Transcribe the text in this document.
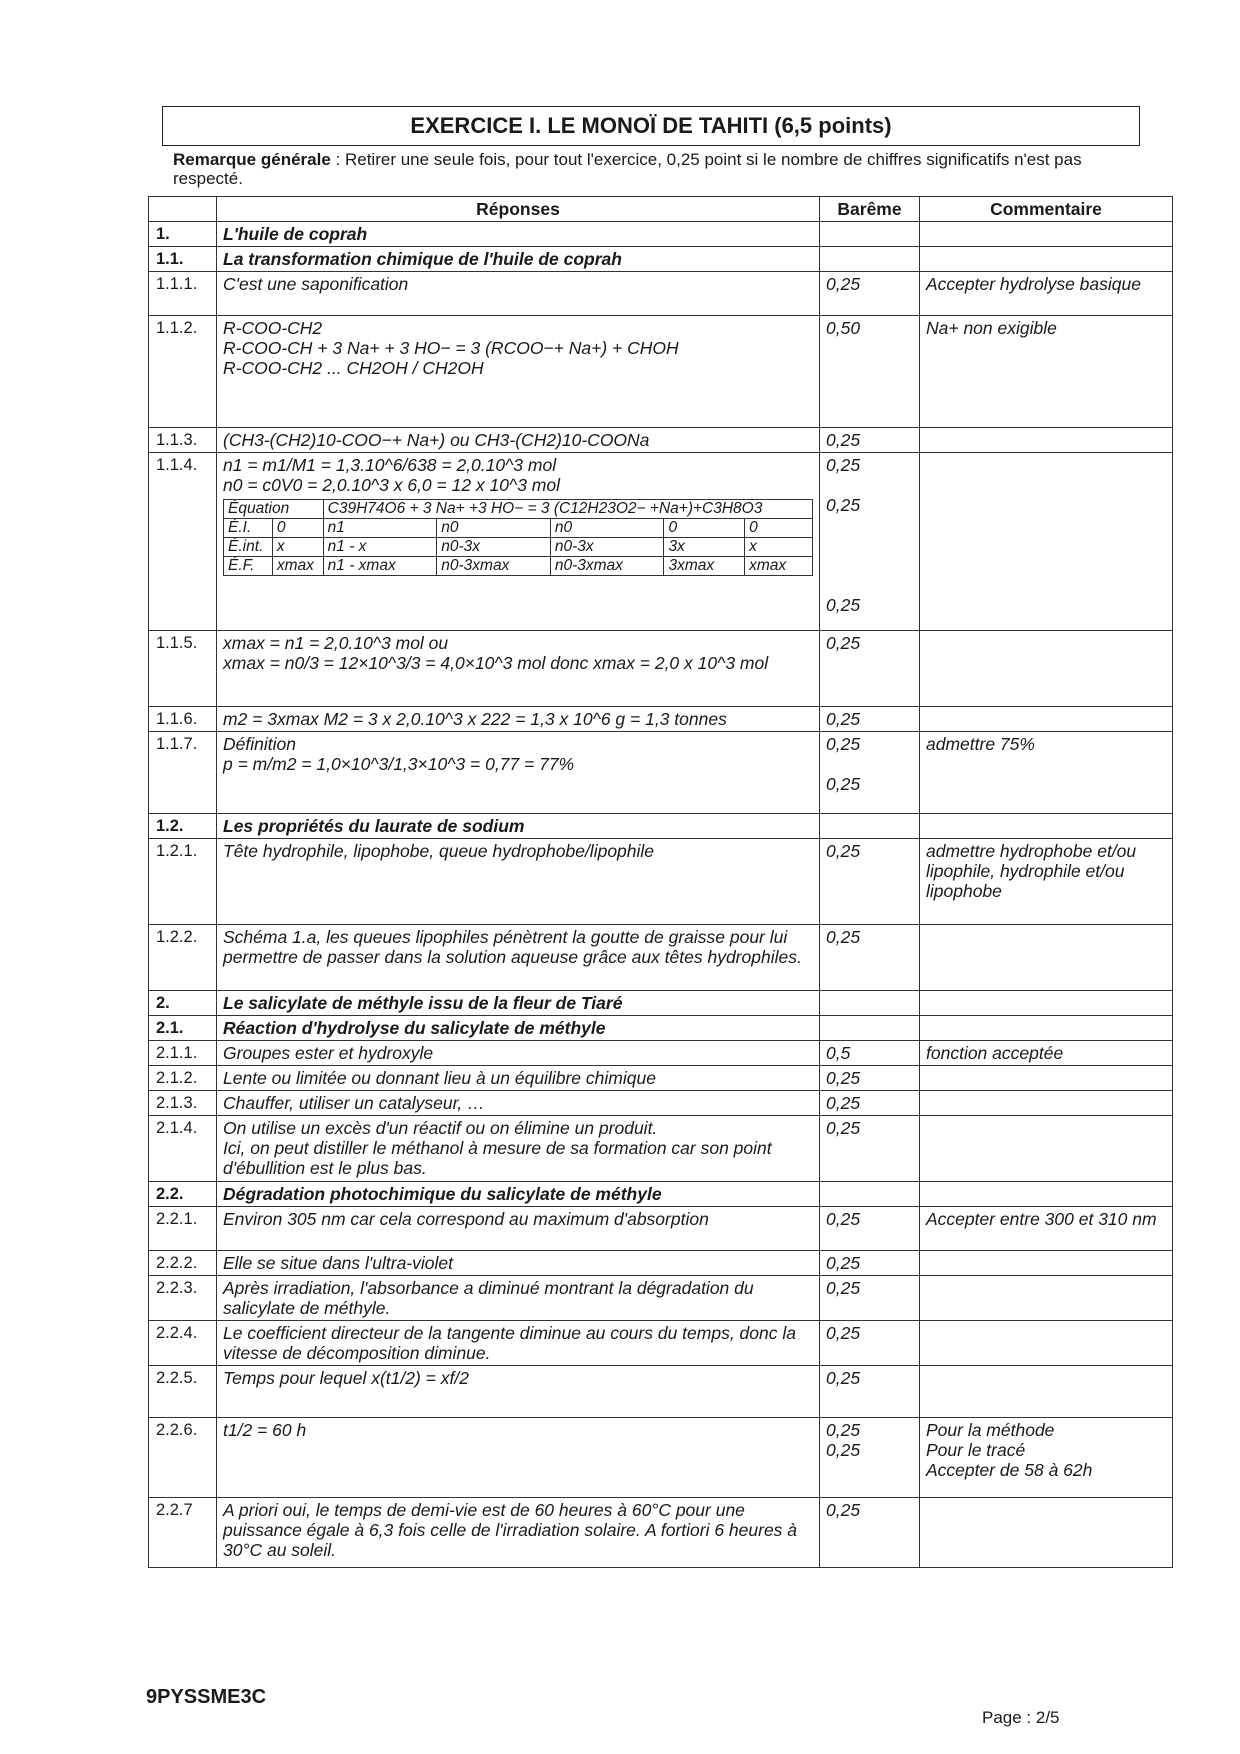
EXERCICE I. LE MONOÏ DE TAHITI (6,5 points)
Remarque générale : Retirer une seule fois, pour tout l'exercice, 0,25 point si le nombre de chiffres significatifs n'est pas respecté.
	Réponses	Barême	Commentaire
1.	L'huile de coprah		
1.1.	La transformation chimique de l'huile de coprah		
1.1.1.	C'est une saponification	0,25	Accepter hydrolyse basique
1.1.2.	R-COO-CH2
R-COO-CH + 3 Na+ + 3 HO− = 3 (RCOO−+ Na+) + CHOH
R-COO-CH2 ... CH2OH / CH2OH	0,50	Na+ non exigible
1.1.3.	(CH3-(CH2)10-COO−+ Na+) ou CH3-(CH2)10-COONa	0,25	
1.1.4.	n1 = m1/M1 = 1,3.10^6/638 = 2,0.10^3 mol
n0 = c0V0 = 2,0.10^3 x 6,0 = 12 x 10^3 mol
Équation	C39H74O6 + 3 Na+ +3 HO− = 3 (C12H23O2− +Na+)+C3H8O3
É.I.	0	n1	n0	n0	0	0
É.int.	x	n1 - x	n0-3x	n0-3x	3x	x
É.F.	xmax	n1 - xmax	n0-3xmax	n0-3xmax	3xmax	xmax
	0,25

0,25

0,25	
1.1.5.	xmax = n1 = 2,0.10^3 mol ou
xmax = n0/3 = 12×10^3/3 = 4,0×10^3 mol donc xmax = 2,0 x 10^3 mol	0,25	
1.1.6.	m2 = 3xmax M2 = 3 x 2,0.10^3 x 222 = 1,3 x 10^6 g = 1,3 tonnes	0,25	
1.1.7.	Définition
p = m/m2 = 1,0×10^3/1,3×10^3 = 0,77 = 77%	0,25

0,25	admettre 75%
1.2.	Les propriétés du laurate de sodium		
1.2.1.	Tête hydrophile, lipophobe, queue hydrophobe/lipophile	0,25	admettre hydrophobe et/ou lipophile, hydrophile et/ou lipophobe
1.2.2.	Schéma 1.a, les queues lipophiles pénètrent la goutte de graisse pour lui permettre de passer dans la solution aqueuse grâce aux têtes hydrophiles.	0,25	
2.	Le salicylate de méthyle issu de la fleur de Tiaré		
2.1.	Réaction d'hydrolyse du salicylate de méthyle		
2.1.1.	Groupes ester et hydroxyle	0,5	fonction acceptée
2.1.2.	Lente ou limitée ou donnant lieu à un équilibre chimique	0,25	
2.1.3.	Chauffer, utiliser un catalyseur, …	0,25	
2.1.4.	On utilise un excès d'un réactif ou on élimine un produit.
Ici, on peut distiller le méthanol à mesure de sa formation car son point d'ébullition est le plus bas.	0,25	
2.2.	Dégradation photochimique du salicylate de méthyle		
2.2.1.	Environ 305 nm car cela correspond au maximum d'absorption	0,25	Accepter entre 300 et 310 nm
2.2.2.	Elle se situe dans l'ultra-violet	0,25	
2.2.3.	Après irradiation, l'absorbance a diminué montrant la dégradation du salicylate de méthyle.	0,25	
2.2.4.	Le coefficient directeur de la tangente diminue au cours du temps, donc la vitesse de décomposition diminue.	0,25	
2.2.5.	Temps pour lequel x(t1/2) = xf/2	0,25	
2.2.6.	t1/2 = 60 h	0,25
0,25	Pour la méthode
Pour le tracé
Accepter de 58 à 62h
2.2.7	A priori oui, le temps de demi-vie est de 60 heures à 60°C pour une puissance égale à 6,3 fois celle de l'irradiation solaire. A fortiori 6 heures à 30°C au soleil.	0,25	
9PYSSME3C
Page : 2/5
